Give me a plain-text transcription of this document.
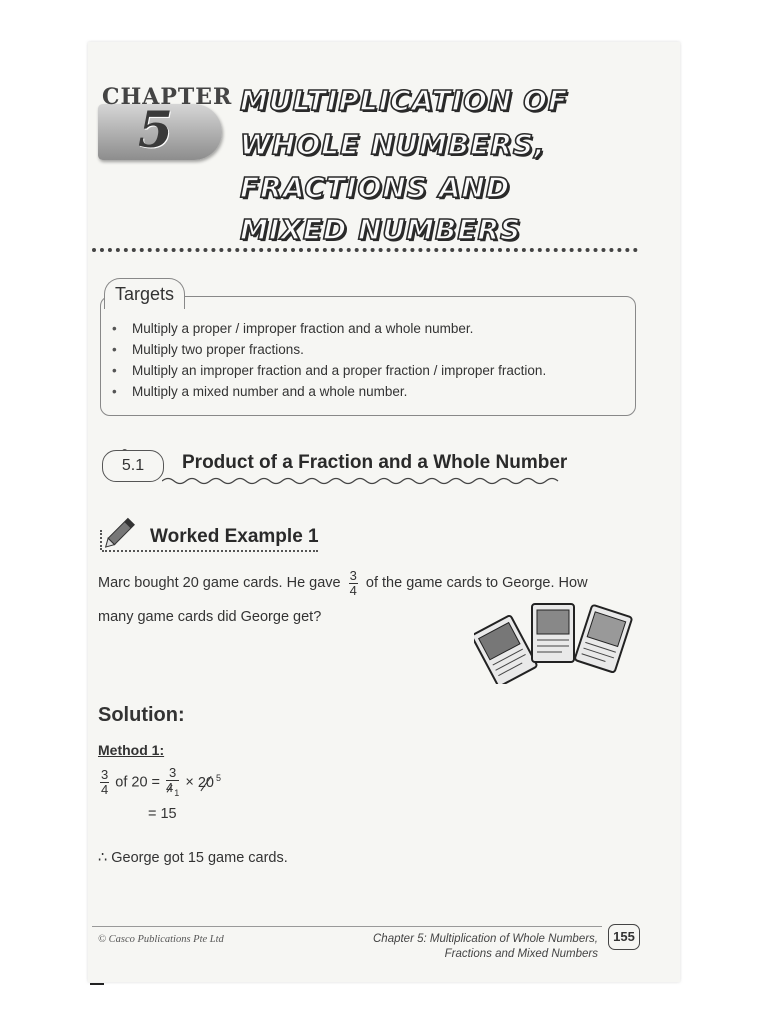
CHAPTER
5 MULTIPLICATION OF
WHOLE NUMBERS,
FRACTIONS AND
MIXED NUMBERS
Targets
• Multiply a proper / improper fraction and a whole number.
• Multiply two proper fractions.
• Multiply an improper fraction and a proper fraction / improper fraction.
• Multiply a mixed number and a whole number.
5.1	Product of a Fraction and a Whole Number
Worked Example 1
Marc bought 20 game cards. He gave $\frac{3}{4}$ of the game cards to George. How
many game cards did George get?
Solution:
Method 1:
$\frac{3}{4}$ of $20 = \frac{3}{4_1} \times 20$ $^5$
= 15
∴ George got 15 game cards.
© Casco Publications Pte Ltd	Chapter 5: Multiplication of Whole Numbers,
Fractions and Mixed Numbers
155
